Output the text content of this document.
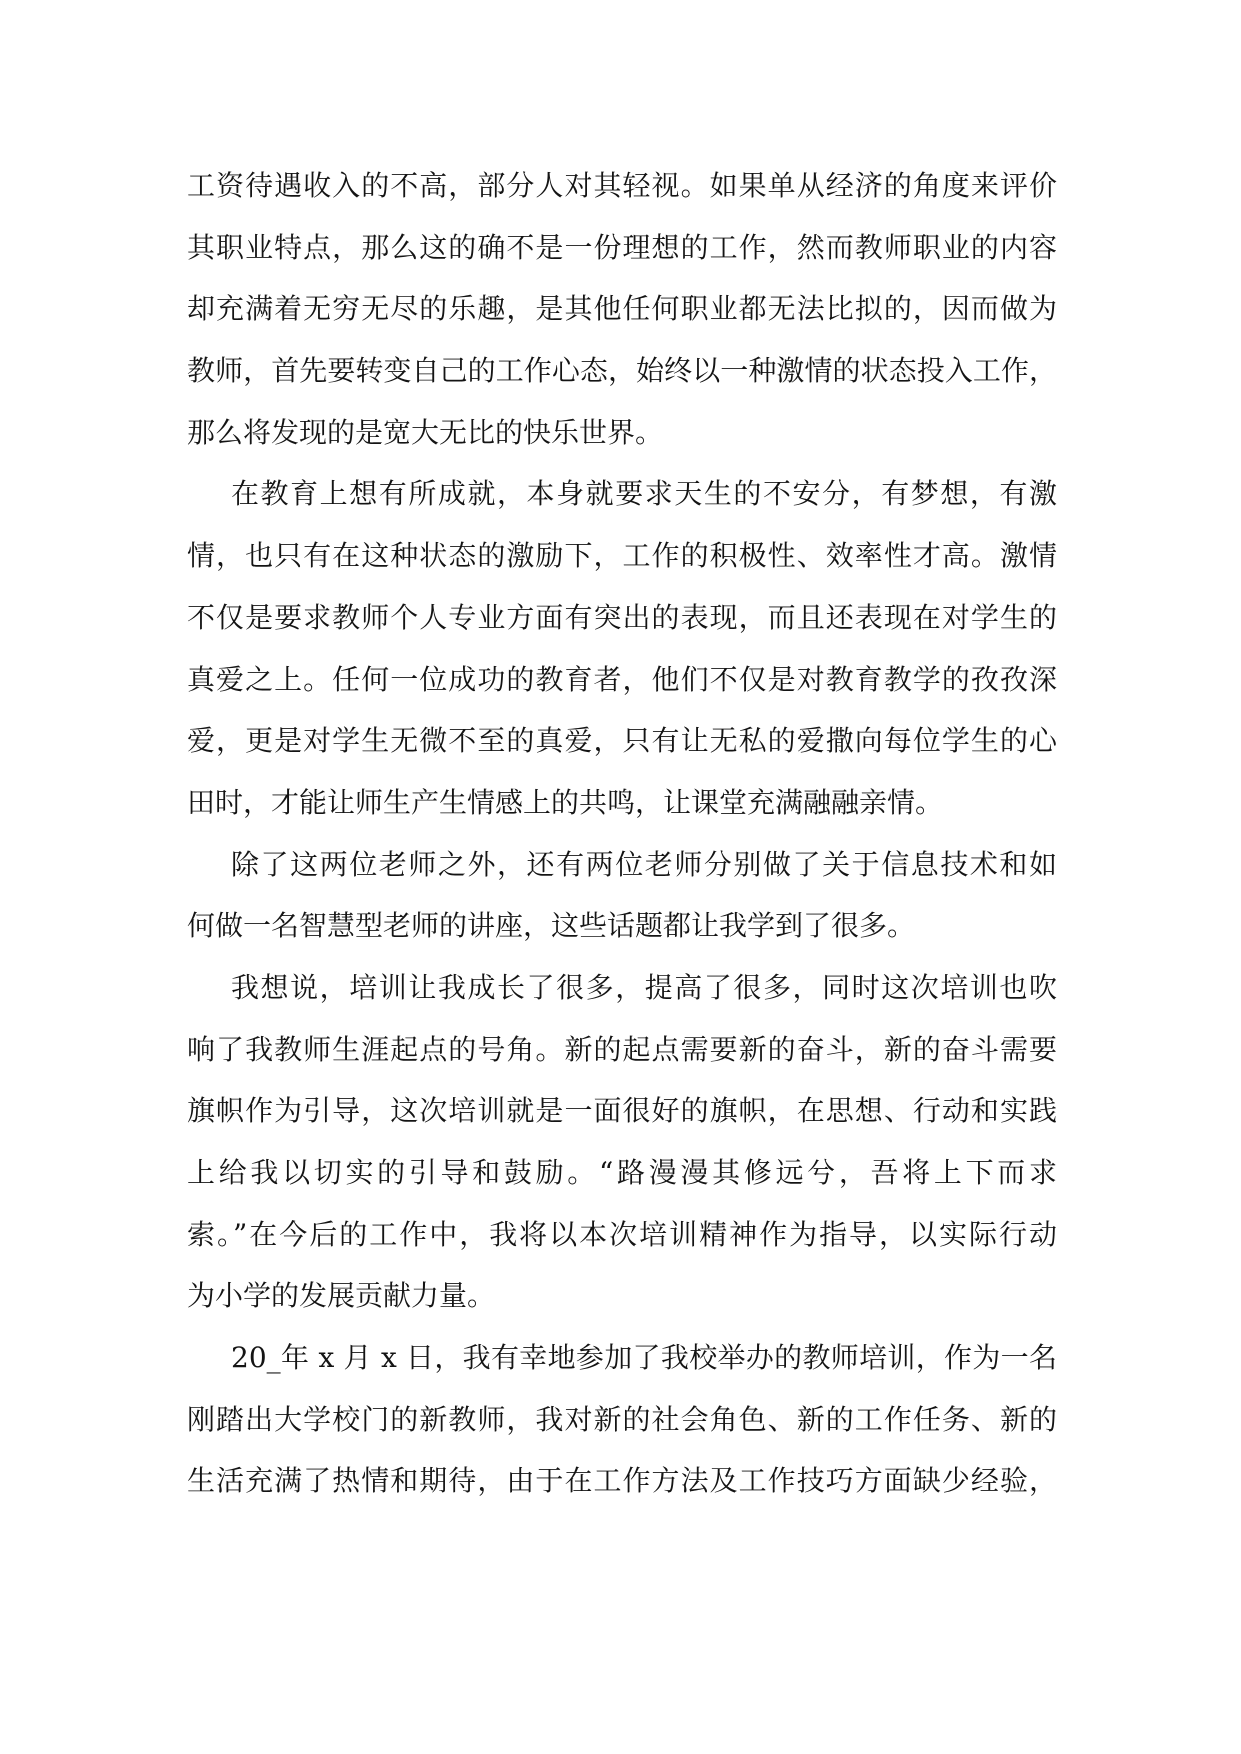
工资待遇收入的不高，部分人对其轻视。如果单从经济的角度来评价
其职业特点，那么这的确不是一份理想的工作，然而教师职业的内容
却充满着无穷无尽的乐趣，是其他任何职业都无法比拟的，因而做为
教师，首先要转变自己的工作心态，始终以一种激情的状态投入工作，
那么将发现的是宽大无比的快乐世界。
在教育上想有所成就，本身就要求天生的不安分，有梦想，有激
情，也只有在这种状态的激励下，工作的积极性、效率性才高。激情
不仅是要求教师个人专业方面有突出的表现，而且还表现在对学生的
真爱之上。任何一位成功的教育者，他们不仅是对教育教学的孜孜深
爱，更是对学生无微不至的真爱，只有让无私的爱撒向每位学生的心
田时，才能让师生产生情感上的共鸣，让课堂充满融融亲情。
除了这两位老师之外，还有两位老师分别做了关于信息技术和如
何做一名智慧型老师的讲座，这些话题都让我学到了很多。
我想说，培训让我成长了很多，提高了很多，同时这次培训也吹
响了我教师生涯起点的号角。新的起点需要新的奋斗，新的奋斗需要
旗帜作为引导，这次培训就是一面很好的旗帜，在思想、行动和实践
上给我以切实的引导和鼓励。“路漫漫其修远兮，吾将上下而求
索。”在今后的工作中，我将以本次培训精神作为指导，以实际行动
为小学的发展贡献力量。
20_年 x 月 x 日，我有幸地参加了我校举办的教师培训，作为一名
刚踏出大学校门的新教师，我对新的社会角色、新的工作任务、新的
生活充满了热情和期待，由于在工作方法及工作技巧方面缺少经验，
